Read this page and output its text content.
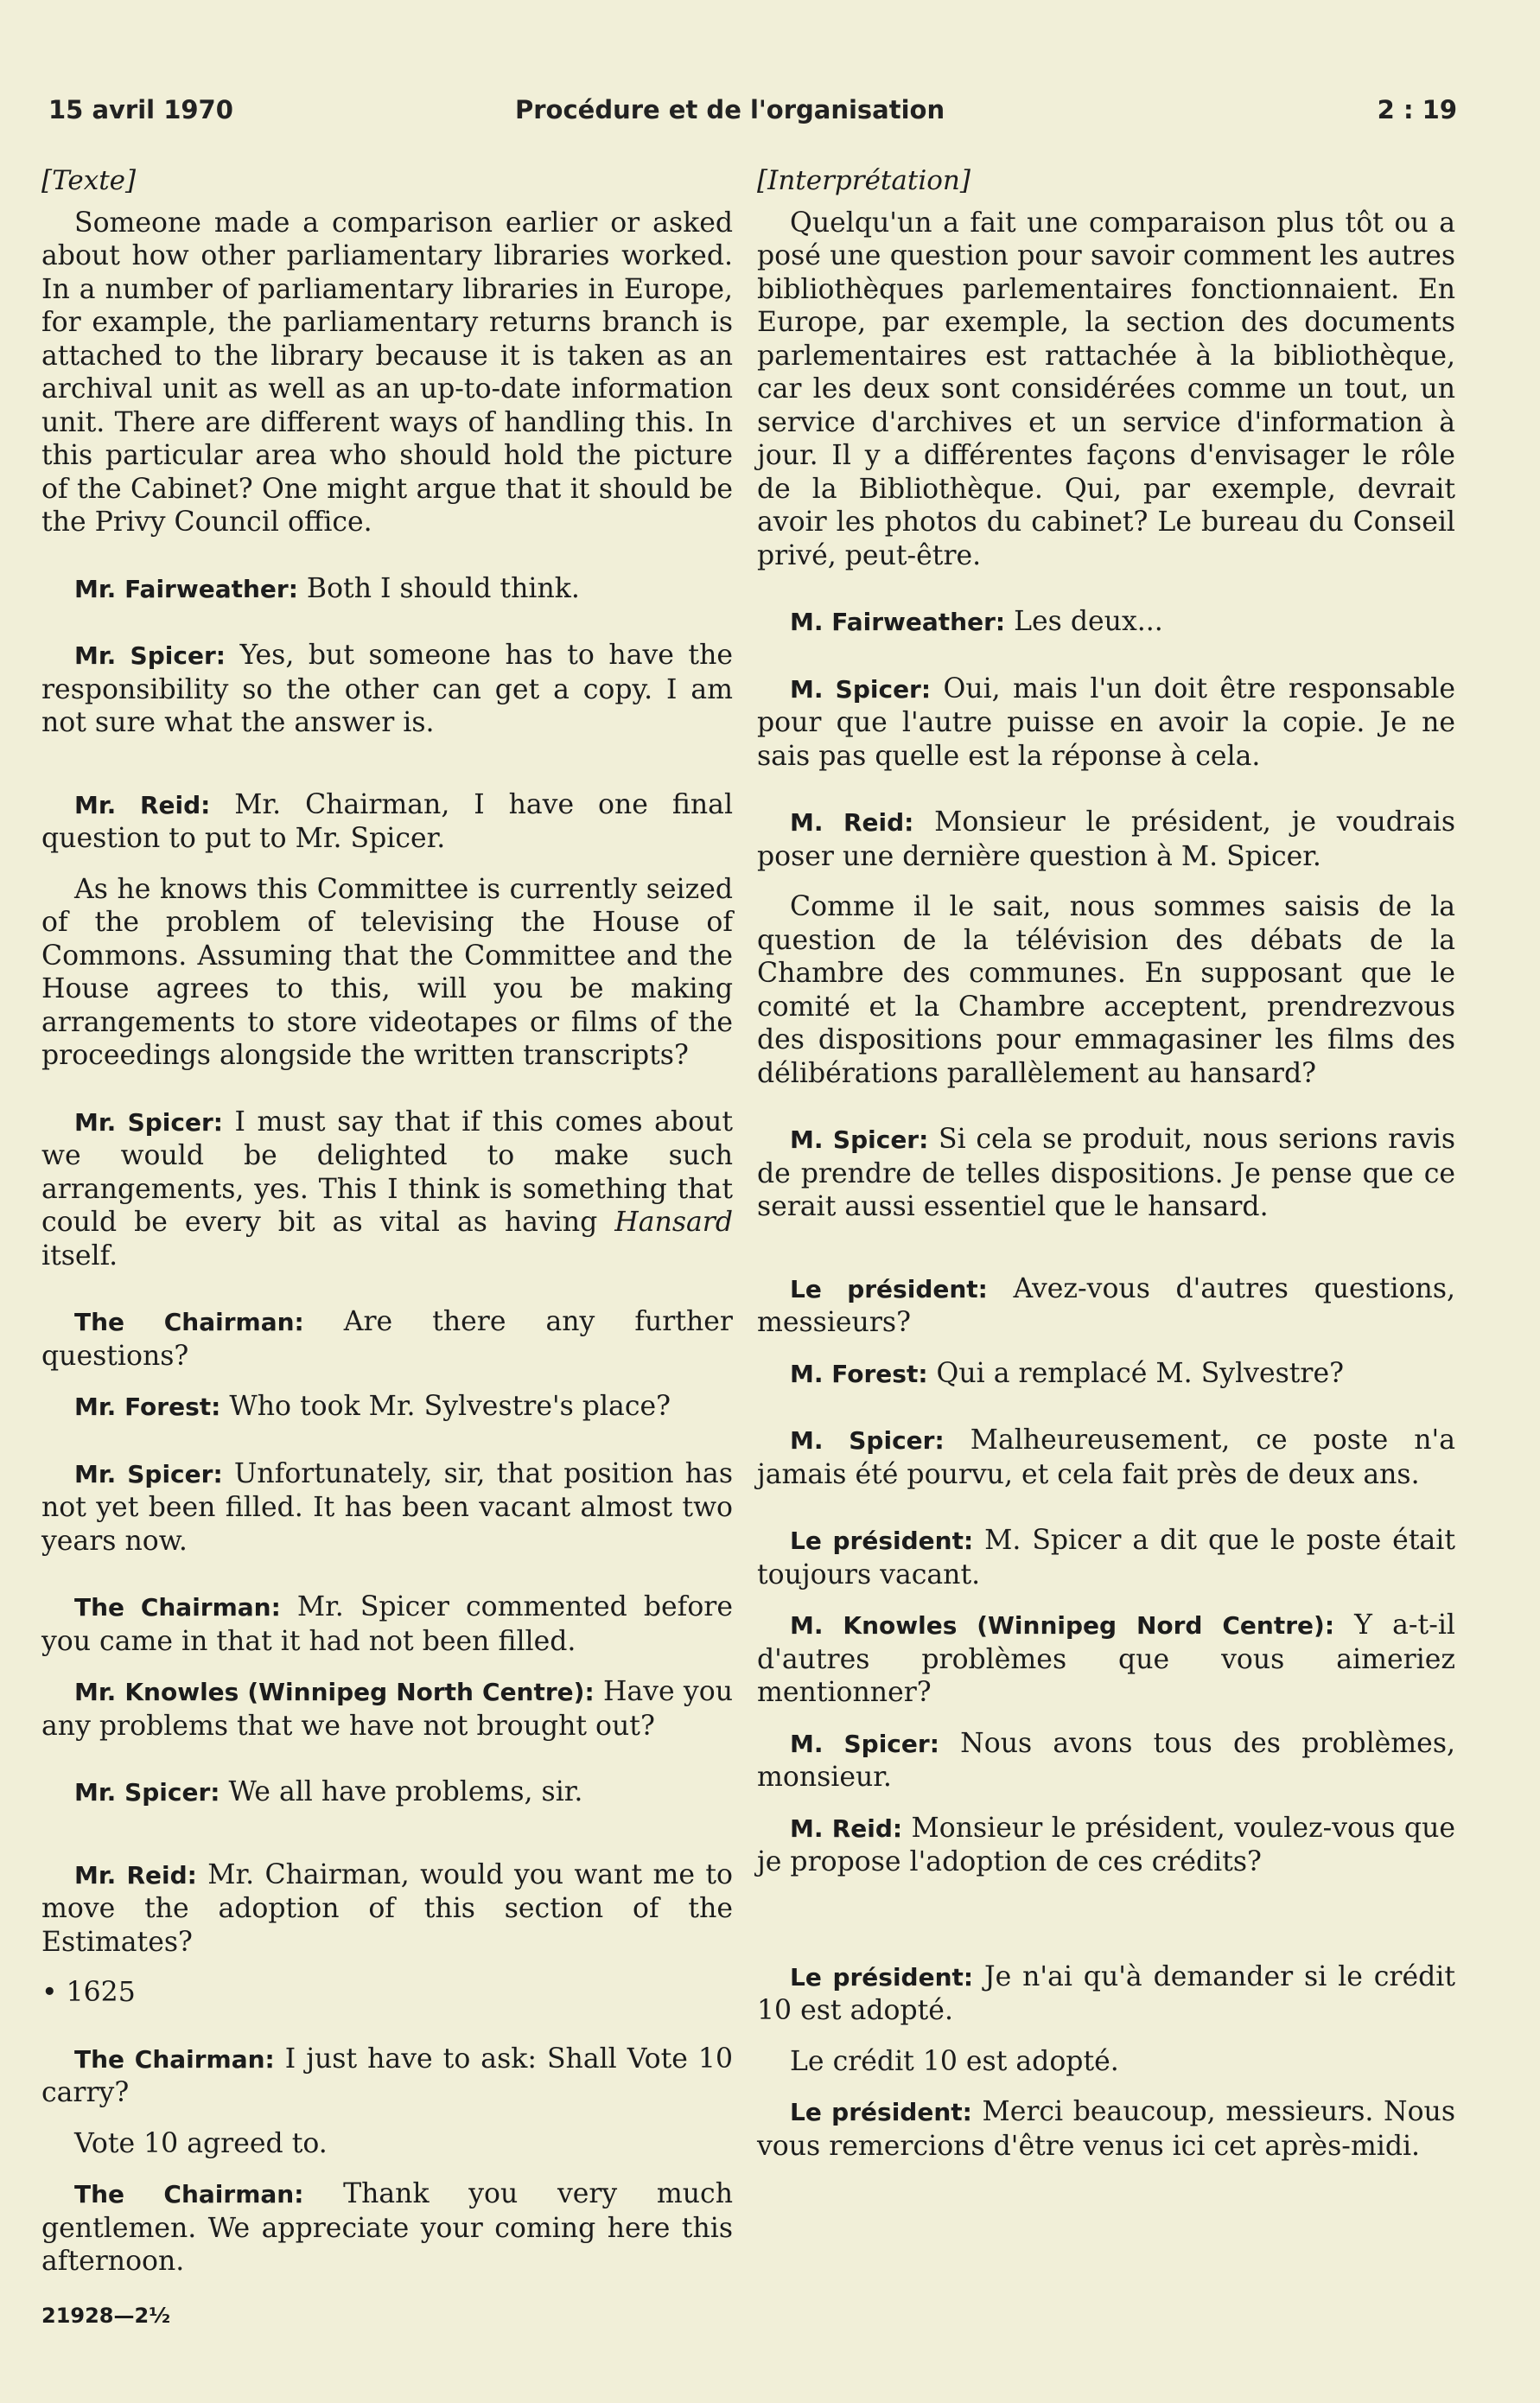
15 avril 1970	Procédure et de l'organisation	2 : 19
[Texte]

Someone made a comparison earlier or asked about how other parliamentary libraries worked. In a number of parliamentary libraries in Europe, for example, the parliamentary returns branch is attached to the library because it is taken as an archival unit as well as an up-to-date information unit. There are different ways of handling this. In this particular area who should hold the picture of the Cabinet? One might argue that it should be the Privy Council office.

Mr. Fairweather: Both I should think.

Mr. Spicer: Yes, but someone has to have the responsibility so the other can get a copy. I am not sure what the answer is.

Mr. Reid: Mr. Chairman, I have one final question to put to Mr. Spicer.

As he knows this Committee is currently seized of the problem of televising the House of Commons. Assuming that the Committee and the House agrees to this, will you be making arrangements to store videotapes or films of the proceedings alongside the written transcripts?

Mr. Spicer: I must say that if this comes about we would be delighted to make such arrangements, yes. This I think is something that could be every bit as vital as having Hansard itself.

The Chairman: Are there any further questions?

Mr. Forest: Who took Mr. Sylvestre's place?

Mr. Spicer: Unfortunately, sir, that position has not yet been filled. It has been vacant almost two years now.

The Chairman: Mr. Spicer commented before you came in that it had not been filled.

Mr. Knowles (Winnipeg North Centre): Have you any problems that we have not brought out?

Mr. Spicer: We all have problems, sir.

Mr. Reid: Mr. Chairman, would you want me to move the adoption of this section of the Estimates?

• 1625

The Chairman: I just have to ask: Shall Vote 10 carry?

Vote 10 agreed to.

The Chairman: Thank you very much gentlemen. We appreciate your coming here this afternoon.

21928—2½
[Interprétation]

Quelqu'un a fait une comparaison plus tôt ou a posé une question pour savoir comment les autres bibliothèques parlementaires fonctionnaient. En Europe, par exemple, la section des documents parlementaires est rattachée à la bibliothèque, car les deux sont considérées comme un tout, un service d'archives et un service d'information à jour. Il y a différentes façons d'envisager le rôle de la Bibliothèque. Qui, par exemple, devrait avoir les photos du cabinet? Le bureau du Conseil privé, peut-être.

M. Fairweather: Les deux...

M. Spicer: Oui, mais l'un doit être responsable pour que l'autre puisse en avoir la copie. Je ne sais pas quelle est la réponse à cela.

M. Reid: Monsieur le président, je voudrais poser une dernière question à M. Spicer.

Comme il le sait, nous sommes saisis de la question de la télévision des débats de la Chambre des communes. En supposant que le comité et la Chambre acceptent, prendrezvous des dispositions pour emmagasiner les films des délibérations parallèlement au hansard?

M. Spicer: Si cela se produit, nous serions ravis de prendre de telles dispositions. Je pense que ce serait aussi essentiel que le hansard.

Le président: Avez-vous d'autres questions, messieurs?

M. Forest: Qui a remplacé M. Sylvestre?

M. Spicer: Malheureusement, ce poste n'a jamais été pourvu, et cela fait près de deux ans.

Le président: M. Spicer a dit que le poste était toujours vacant.

M. Knowles (Winnipeg Nord Centre): Y a-t-il d'autres problèmes que vous aimeriez mentionner?

M. Spicer: Nous avons tous des problèmes, monsieur.

M. Reid: Monsieur le président, voulez-vous que je propose l'adoption de ces crédits?

Le président: Je n'ai qu'à demander si le crédit 10 est adopté.

Le crédit 10 est adopté.

Le président: Merci beaucoup, messieurs. Nous vous remercions d'être venus ici cet après-midi.
